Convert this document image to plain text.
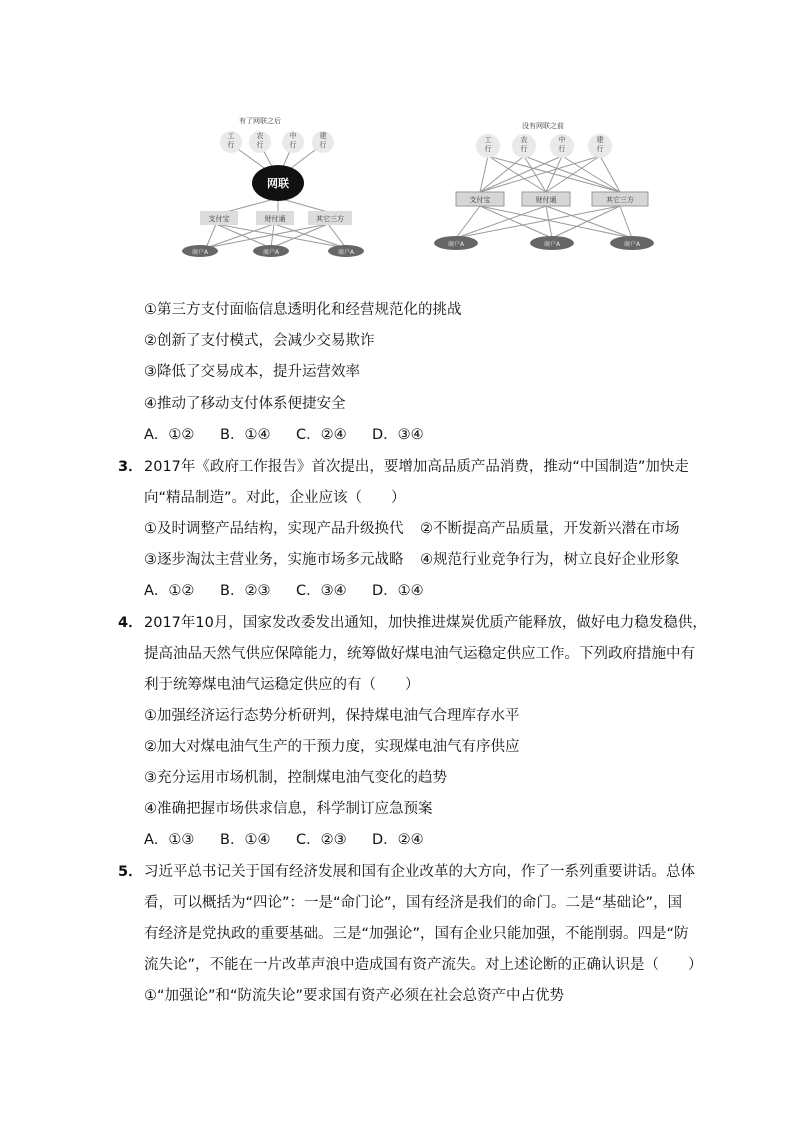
有了网联之后
工行
农行
中行
建行
网联
支付宝	财付通	其它三方
商户A	商户A	商户A
没有网联之前
工行
农行
中行
建行
支付宝	财付通	其它三方
商户A	商户A	商户A
①第三方支付面临信息透明化和经营规范化的挑战
②创新了支付模式，会减少交易欺诈
③降低了交易成本，提升运营效率
④推动了移动支付体系便捷安全
A．①② B．①④ C．②④ D．③④
3． 2017年《政府工作报告》首次提出，要增加高品质产品消费，推动“中国制造”加快走
向“精品制造”。对此，企业应该（　　）
①及时调整产品结构，实现产品升级换代 ②不断提高产品质量，开发新兴潜在市场
③逐步淘汰主营业务，实施市场多元战略 ④规范行业竞争行为，树立良好企业形象
A．①② B．②③ C．③④ D．①④
4． 2017年10月，国家发改委发出通知，加快推进煤炭优质产能释放，做好电力稳发稳供，
提高油品天然气供应保障能力，统筹做好煤电油气运稳定供应工作。下列政府措施中有
利于统筹煤电油气运稳定供应的有（　　）
①加强经济运行态势分析研判，保持煤电油气合理库存水平
②加大对煤电油气生产的干预力度，实现煤电油气有序供应
③充分运用市场机制，控制煤电油气变化的趋势
④准确把握市场供求信息，科学制订应急预案
A．①③ B．①④ C．②③ D．②④
5． 习近平总书记关于国有经济发展和国有企业改革的大方向，作了一系列重要讲话。总体
看，可以概括为“四论”：一是“命门论”，国有经济是我们的命门。二是“基础论”，国
有经济是党执政的重要基础。三是“加强论”，国有企业只能加强，不能削弱。四是“防
流失论”，不能在一片改革声浪中造成国有资产流失。对上述论断的正确认识是（　　）
①“加强论”和“防流失论”要求国有资产必须在社会总资产中占优势
